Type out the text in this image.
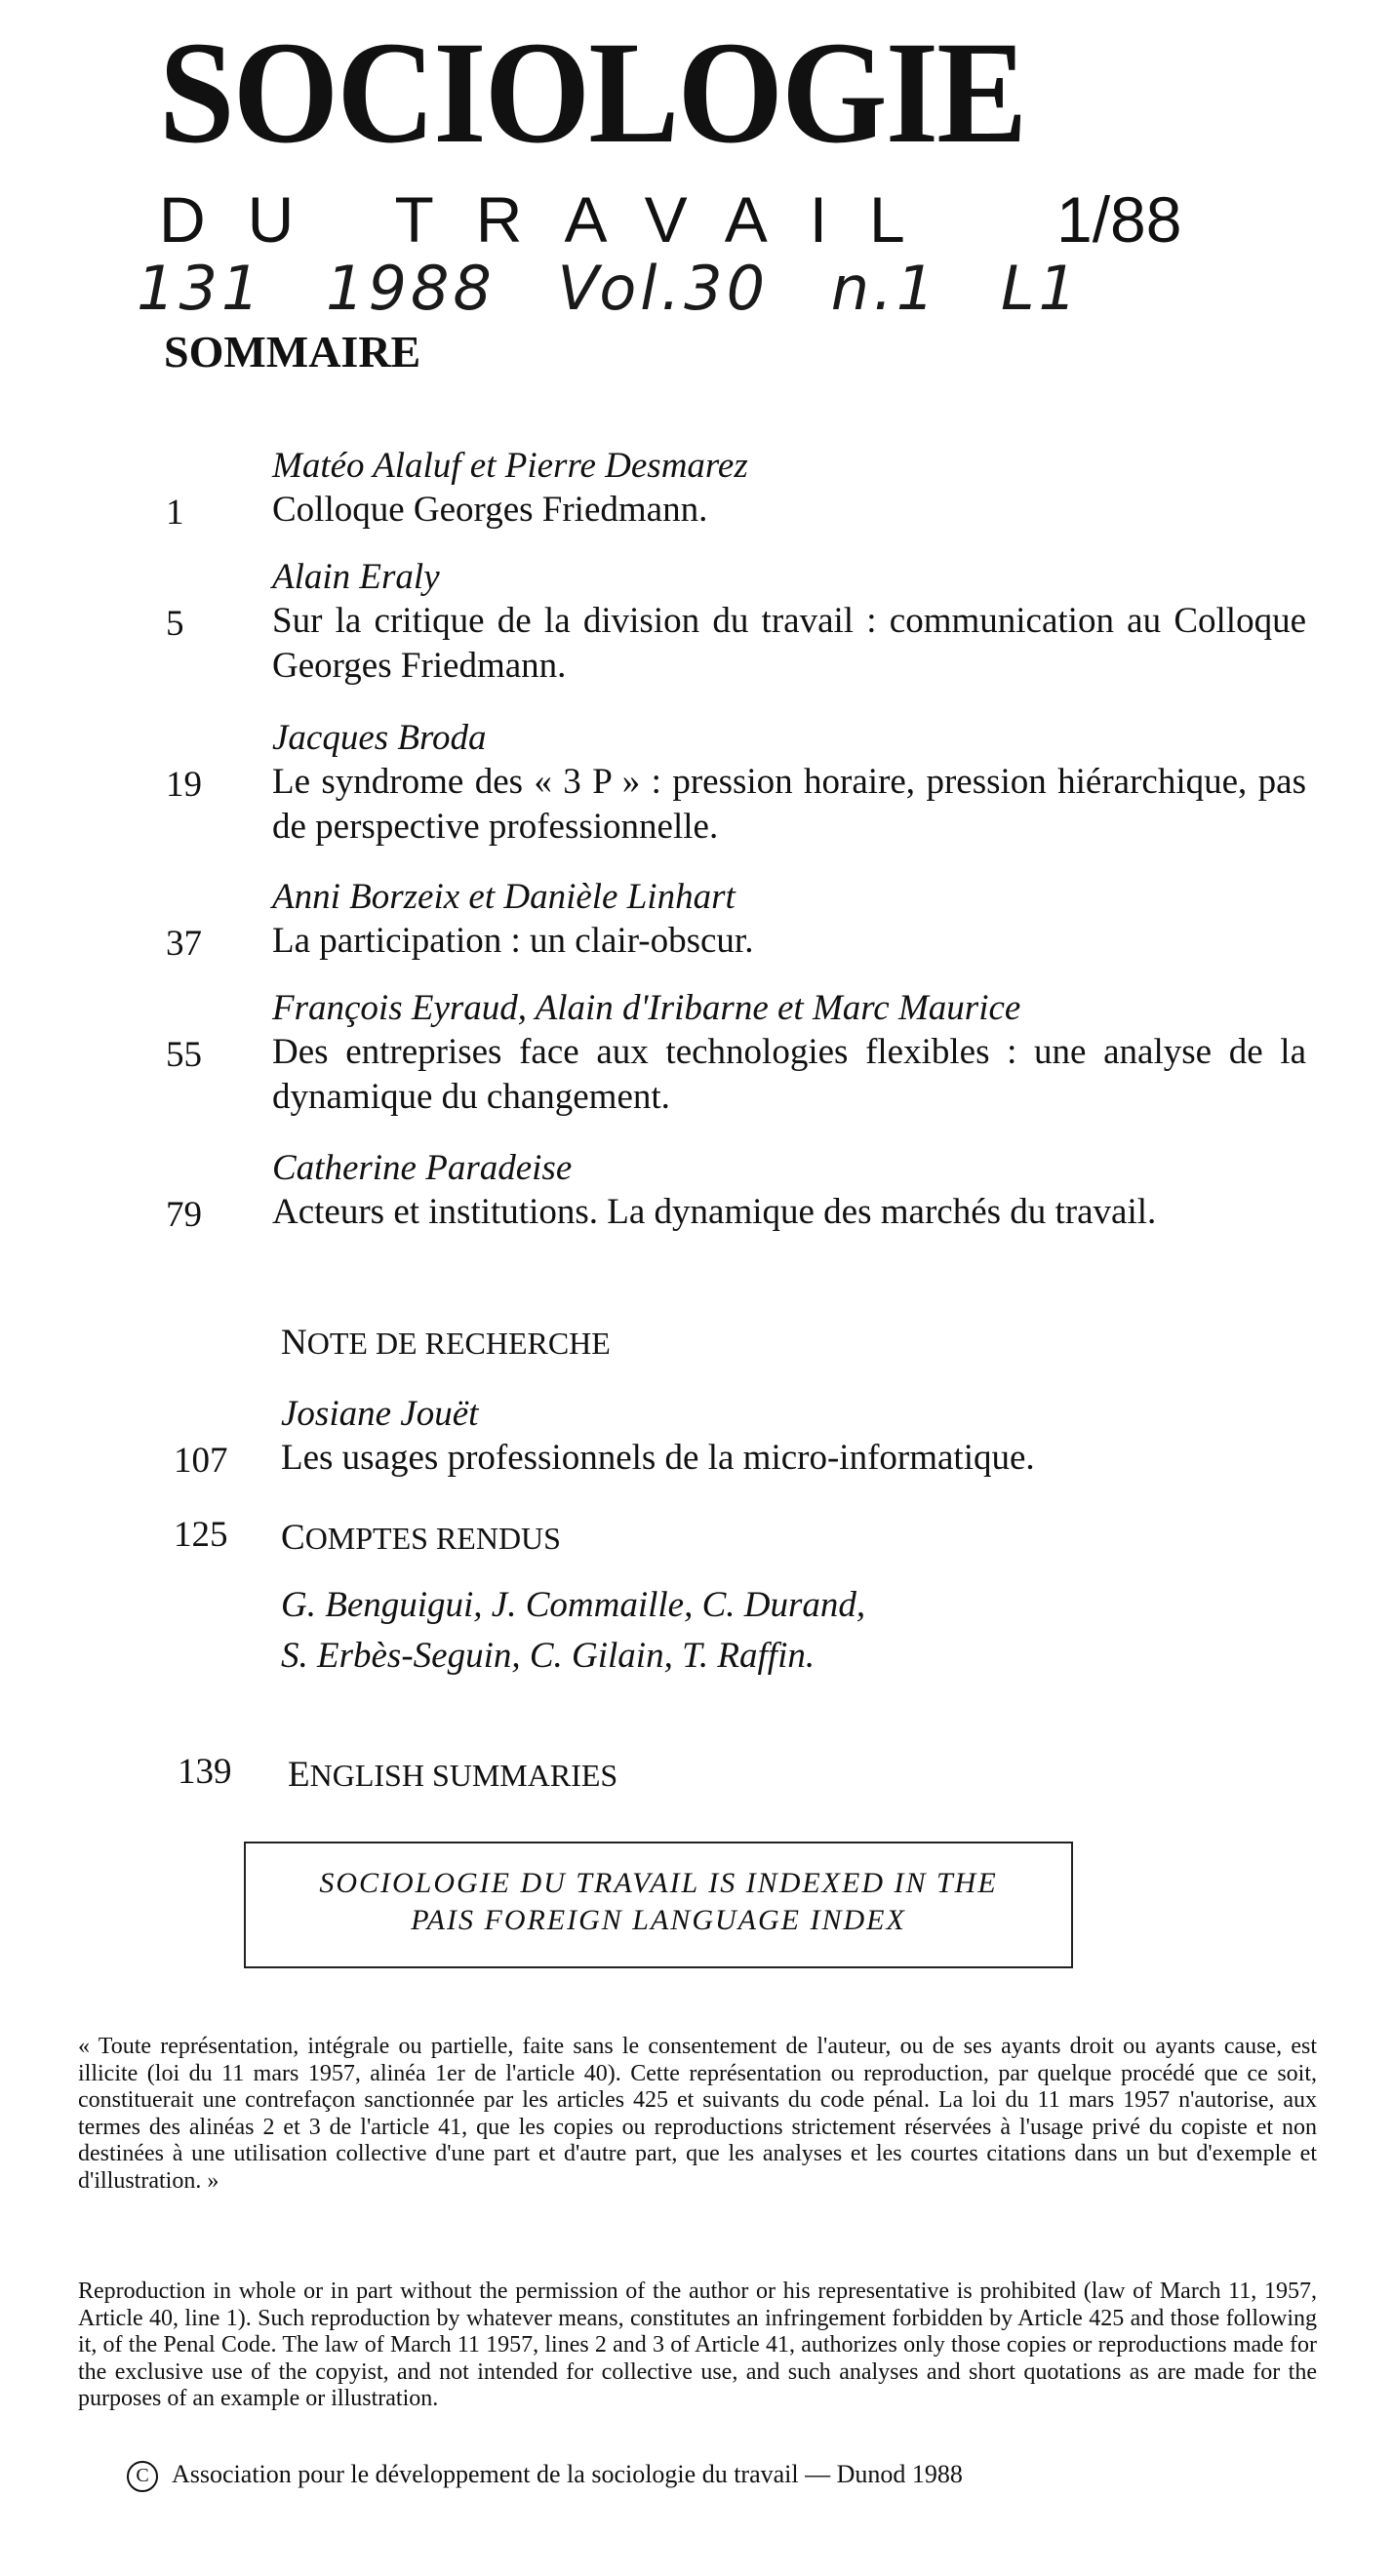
SOCIOLOGIE
DU TRAVAIL 1/88
131 1988 Vol.30 n.1 L1
SOMMAIRE
Matéo Alaluf et Pierre Desmarez
1 Colloque Georges Friedmann.
Alain Eraly
5 Sur la critique de la division du travail : communication au Colloque Georges Friedmann.
Jacques Broda
19 Le syndrome des « 3 P » : pression horaire, pression hiérarchique, pas de perspective professionnelle.
Anni Borzeix et Danièle Linhart
37 La participation : un clair-obscur.
François Eyraud, Alain d'Iribarne et Marc Maurice
55 Des entreprises face aux technologies flexibles : une analyse de la dynamique du changement.
Catherine Paradeise
79 Acteurs et institutions. La dynamique des marchés du travail.
NOTE DE RECHERCHE
Josiane Jouët
107 Les usages professionnels de la micro-informatique.
125 COMPTES RENDUS
G. Benguigui, J. Commaille, C. Durand,
S. Erbès-Seguin, C. Gilain, T. Raffin.
139 ENGLISH SUMMARIES
SOCIOLOGIE DU TRAVAIL IS INDEXED IN THE
PAIS FOREIGN LANGUAGE INDEX
« Toute représentation, intégrale ou partielle, faite sans le consentement de l'auteur, ou de ses ayants droit ou ayants cause, est illicite (loi du 11 mars 1957, alinéa 1er de l'article 40). Cette représentation ou reproduction, par quelque procédé que ce soit, constituerait une contrefaçon sanctionnée par les articles 425 et suivants du code pénal. La loi du 11 mars 1957 n'autorise, aux termes des alinéas 2 et 3 de l'article 41, que les copies ou reproductions strictement réservées à l'usage privé du copiste et non destinées à une utilisation collective d'une part et d'autre part, que les analyses et les courtes citations dans un but d'exemple et d'illustration. »
Reproduction in whole or in part without the permission of the author or his representative is prohibited (law of March 11, 1957, Article 40, line 1). Such reproduction by whatever means, constitutes an infringement forbidden by Article 425 and those following it, of the Penal Code. The law of March 11 1957, lines 2 and 3 of Article 41, authorizes only those copies or reproductions made for the exclusive use of the copyist, and not intended for collective use, and such analyses and short quotations as are made for the purposes of an example or illustration.
C Association pour le développement de la sociologie du travail — Dunod 1988
